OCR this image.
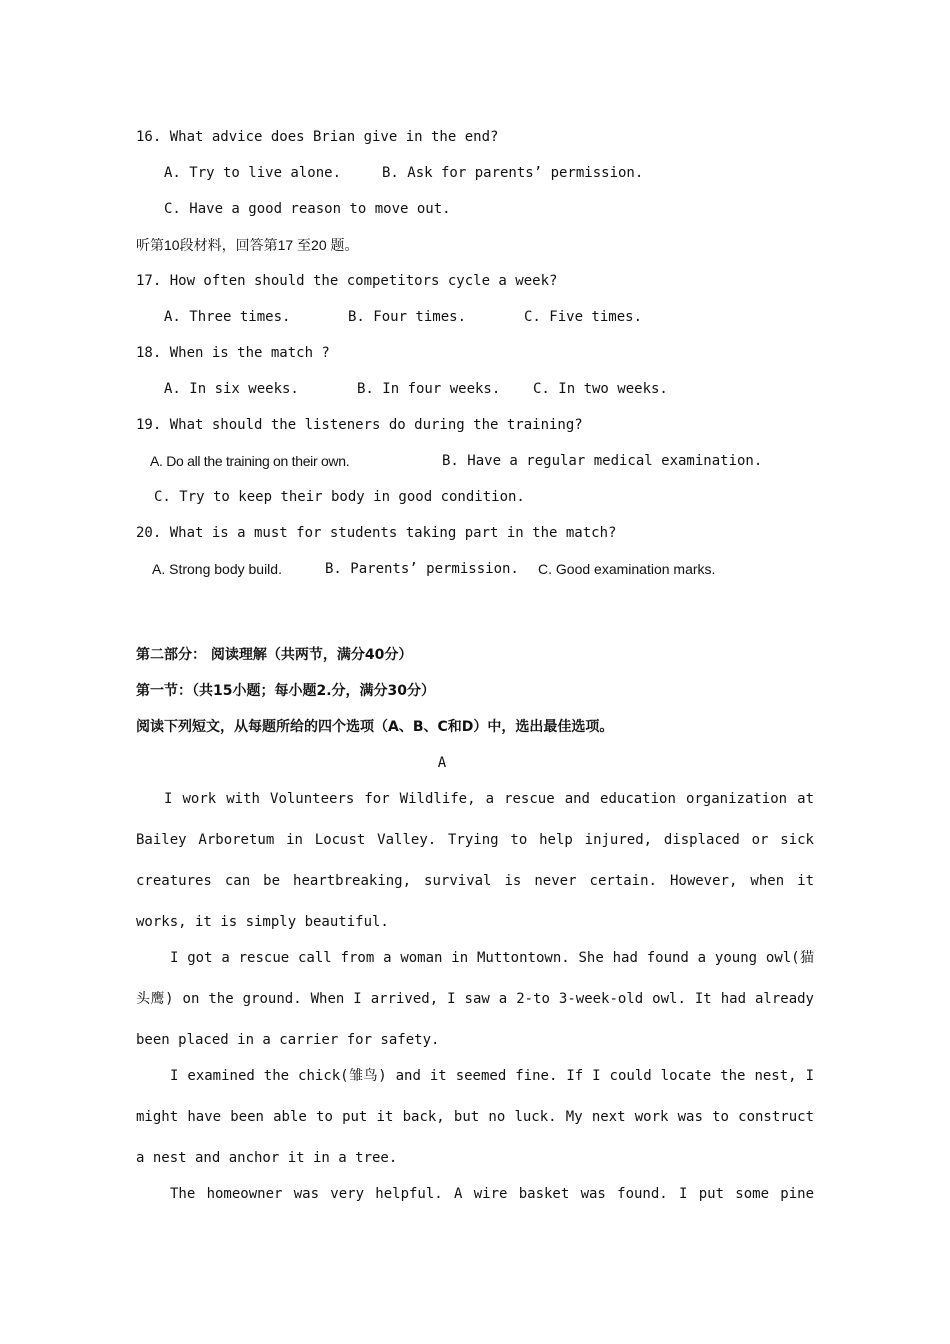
16. What advice does Brian give in the end?
A. Try to live alone.	B. Ask for parents’ permission.
C. Have a good reason to move out.
听第10段材料，回答第17 至20 题。
17. How often should the competitors cycle a week?
A. Three times.	B. Four times.	C. Five times.
18. When is the match ?
A. In six weeks.	B. In four weeks. C. In two weeks.
19. What should the listeners do during the training?
A. Do all the training on their own.	B. Have a regular medical examination.
C. Try to keep their body in good condition.
20. What is a must for students taking part in the match?
A. Strong body build.	B. Parents’ permission. C. Good examination marks.
第二部分： 阅读理解（共两节，满分40分）
第一节：（共15小题；每小题2.分，满分30分）
阅读下列短文，从每题所给的四个选项（A、B、C和D）中，选出最佳选项。
A
I work with Volunteers for Wildlife, a rescue and education organization at
Bailey Arboretum in Locust Valley. Trying to help injured, displaced or sick
creatures can be heartbreaking, survival is never certain. However, when it
works, it is simply beautiful.
I got a rescue call from a woman in Muttontown. She had found a young owl(猫
头鹰) on the ground. When I arrived, I saw a 2-to 3-week-old owl. It had already
been placed in a carrier for safety.
I examined the chick(雏鸟) and it seemed fine. If I could locate the nest, I
might have been able to put it back, but no luck. My next work was to construct
a nest and anchor it in a tree.
The homeowner was very helpful. A wire basket was found. I put some pine
